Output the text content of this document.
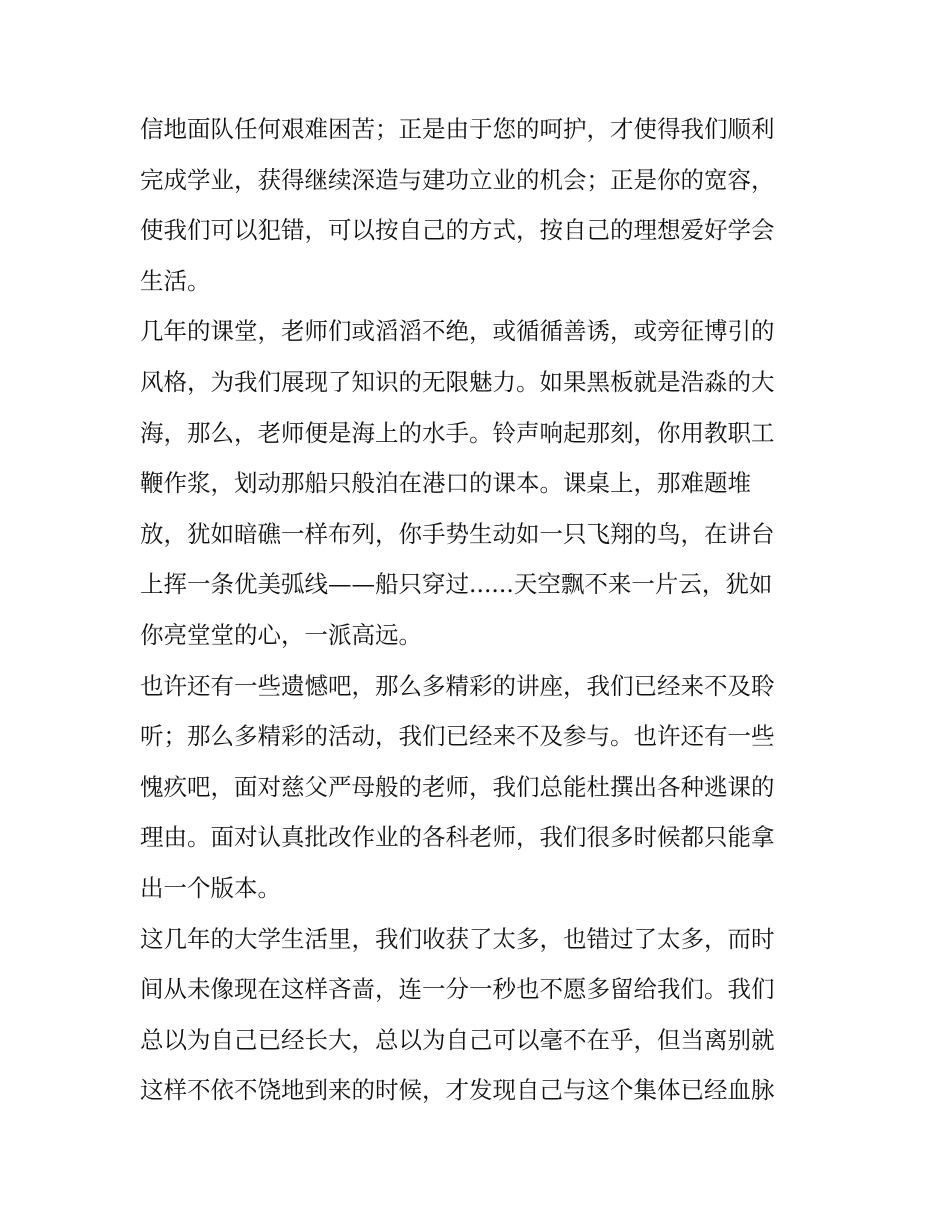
信地面队任何艰难困苦；正是由于您的呵护，才使得我们顺利
完成学业，获得继续深造与建功立业的机会；正是你的宽容，
使我们可以犯错，可以按自己的方式，按自己的理想爱好学会
生活。
几年的课堂，老师们或滔滔不绝，或循循善诱，或旁征博引的
风格，为我们展现了知识的无限魅力。如果黑板就是浩淼的大
海，那么，老师便是海上的水手。铃声响起那刻，你用教职工
鞭作浆，划动那船只般泊在港口的课本。课桌上，那难题堆
放，犹如暗礁一样布列，你手势生动如一只飞翔的鸟，在讲台
上挥一条优美弧线——船只穿过......天空飘不来一片云，犹如
你亮堂堂的心，一派高远。
也许还有一些遗憾吧，那么多精彩的讲座，我们已经来不及聆
听；那么多精彩的活动，我们已经来不及参与。也许还有一些
愧疚吧，面对慈父严母般的老师，我们总能杜撰出各种逃课的
理由。面对认真批改作业的各科老师，我们很多时候都只能拿
出一个版本。
这几年的大学生活里，我们收获了太多，也错过了太多，而时
间从未像现在这样吝啬，连一分一秒也不愿多留给我们。我们
总以为自己已经长大，总以为自己可以毫不在乎，但当离别就
这样不依不饶地到来的时候，才发现自己与这个集体已经血脉
